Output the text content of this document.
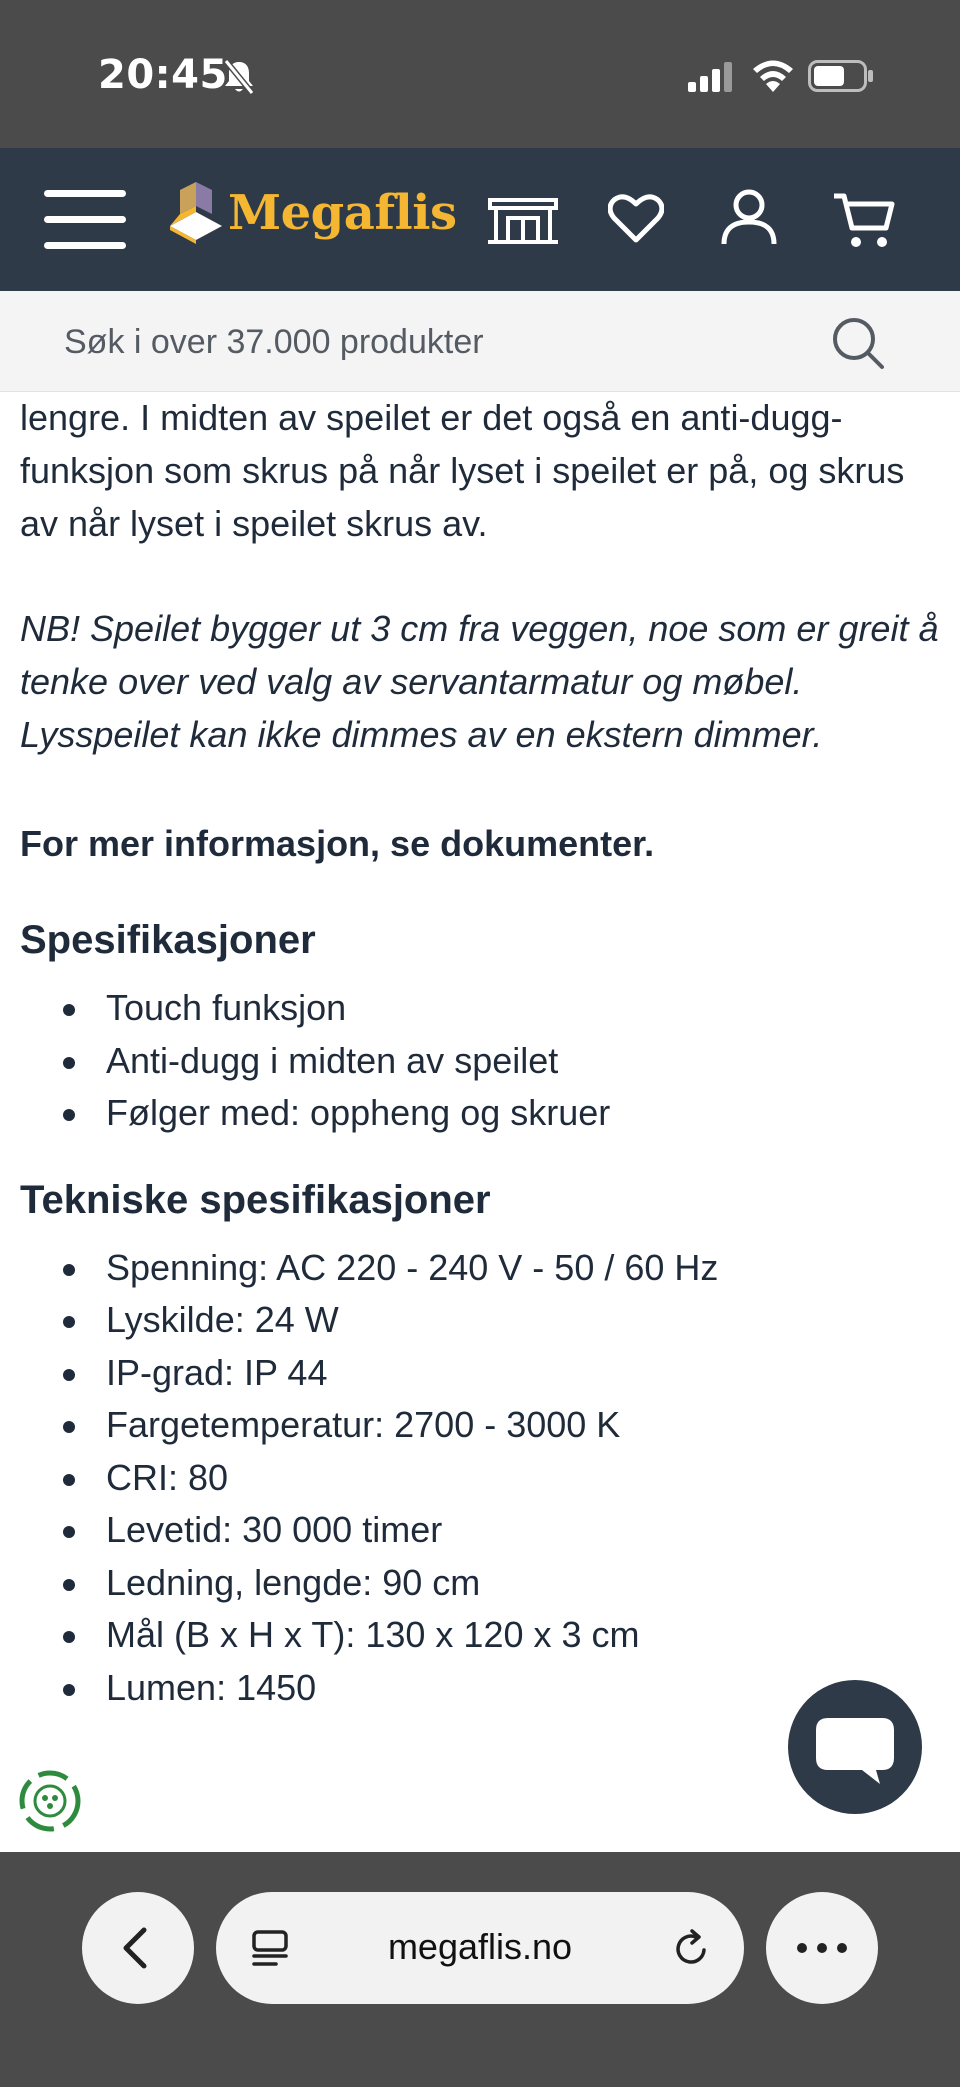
20:45
Megaflis
Søk i over 37.000 produkter

lengre. I midten av speilet er det også en anti-dugg-funksjon som skrus på når lyset i speilet er på, og skrus av når lyset i speilet skrus av.

NB! Speilet bygger ut 3 cm fra veggen, noe som er greit å tenke over ved valg av servantarmatur og møbel. Lysspeilet kan ikke dimmes av en ekstern dimmer.

For mer informasjon, se dokumenter.

Spesifikasjoner
Touch funksjon
Anti-dugg i midten av speilet
Følger med: oppheng og skruer
Tekniske spesifikasjoner
Spenning: AC 220 - 240 V - 50 / 60 Hz
Lyskilde: 24 W
IP-grad: IP 44
Fargetemperatur: 2700 - 3000 K
CRI: 80
Levetid: 30 000 timer
Ledning, lengde: 90 cm
Mål (B x H x T): 130 x 120 x 3 cm
Lumen: 1450
megaflis.no
